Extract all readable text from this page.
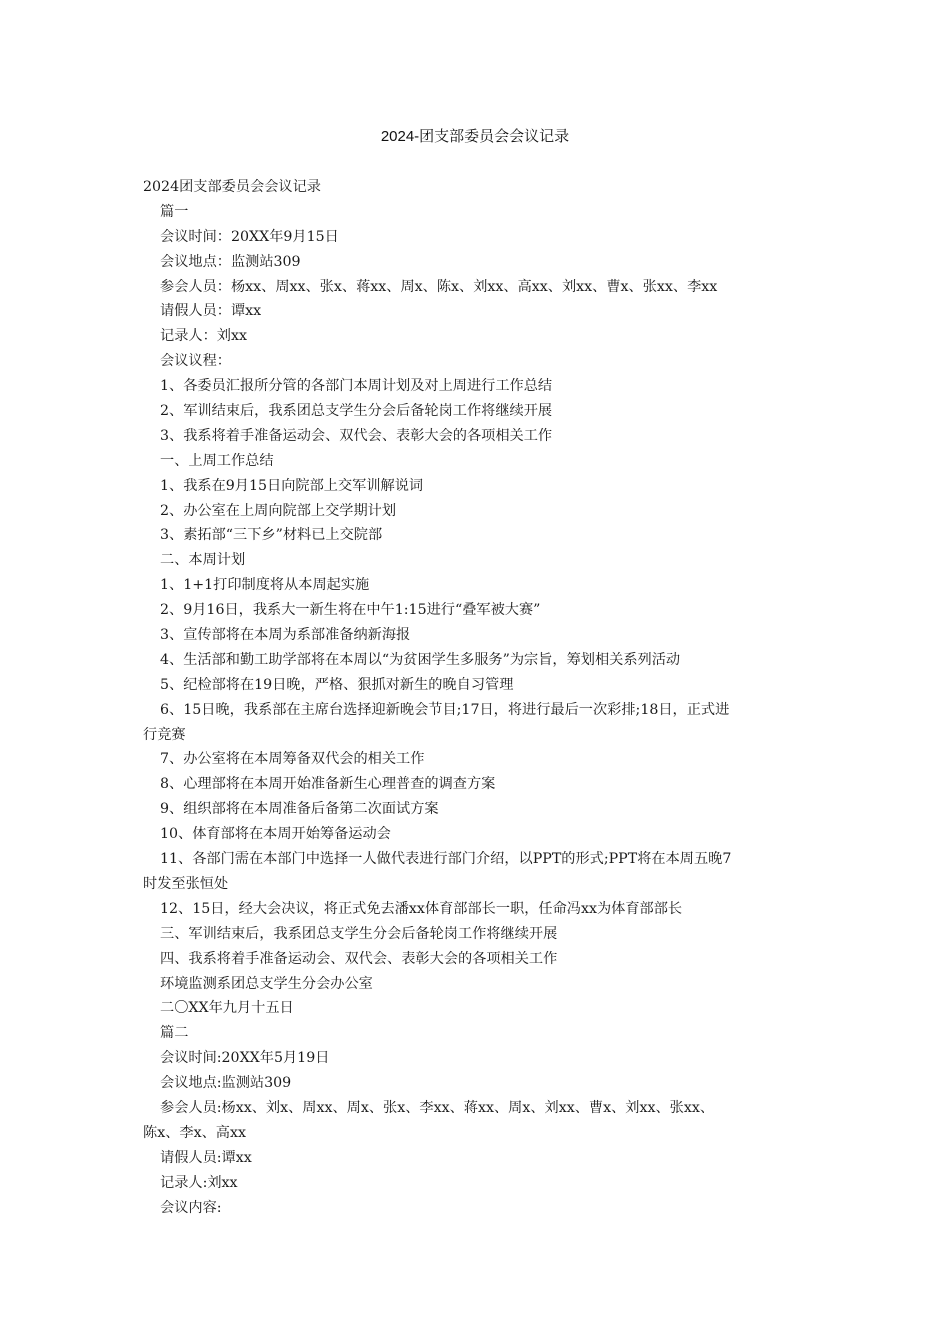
2024-团支部委员会会议记录
2024团支部委员会会议记录
篇一
会议时间：20XX年9月15日
会议地点：监测站309
参会人员：杨xx、周xx、张x、蒋xx、周x、陈x、刘xx、高xx、刘xx、曹x、张xx、李xx
请假人员：谭xx
记录人：刘xx
会议议程：
1、各委员汇报所分管的各部门本周计划及对上周进行工作总结
2、军训结束后，我系团总支学生分会后备轮岗工作将继续开展
3、我系将着手准备运动会、双代会、表彰大会的各项相关工作
一、上周工作总结
1、我系在9月15日向院部上交军训解说词
2、办公室在上周向院部上交学期计划
3、素拓部“三下乡”材料已上交院部
二、本周计划
1、1+1打印制度将从本周起实施
2、9月16日，我系大一新生将在中午1:15进行“叠军被大赛”
3、宣传部将在本周为系部准备纳新海报
4、生活部和勤工助学部将在本周以“为贫困学生多服务”为宗旨，筹划相关系列活动
5、纪检部将在19日晚，严格、狠抓对新生的晚自习管理
6、15日晚，我系部在主席台选择迎新晚会节目;17日，将进行最后一次彩排;18日，正式进
行竞赛
7、办公室将在本周筹备双代会的相关工作
8、心理部将在本周开始准备新生心理普查的调查方案
9、组织部将在本周准备后备第二次面试方案
10、体育部将在本周开始筹备运动会
11、各部门需在本部门中选择一人做代表进行部门介绍，以PPT的形式;PPT将在本周五晚7
时发至张恒处
12、15日，经大会决议，将正式免去潘xx体育部部长一职，任命冯xx为体育部部长
三、军训结束后，我系团总支学生分会后备轮岗工作将继续开展
四、我系将着手准备运动会、双代会、表彰大会的各项相关工作
环境监测系团总支学生分会办公室
二〇XX年九月十五日
篇二
会议时间:20XX年5月19日
会议地点:监测站309
参会人员:杨xx、刘x、周xx、周x、张x、李xx、蒋xx、周x、刘xx、曹x、刘xx、张xx、
陈x、李x、高xx
请假人员:谭xx
记录人:刘xx
会议内容:
